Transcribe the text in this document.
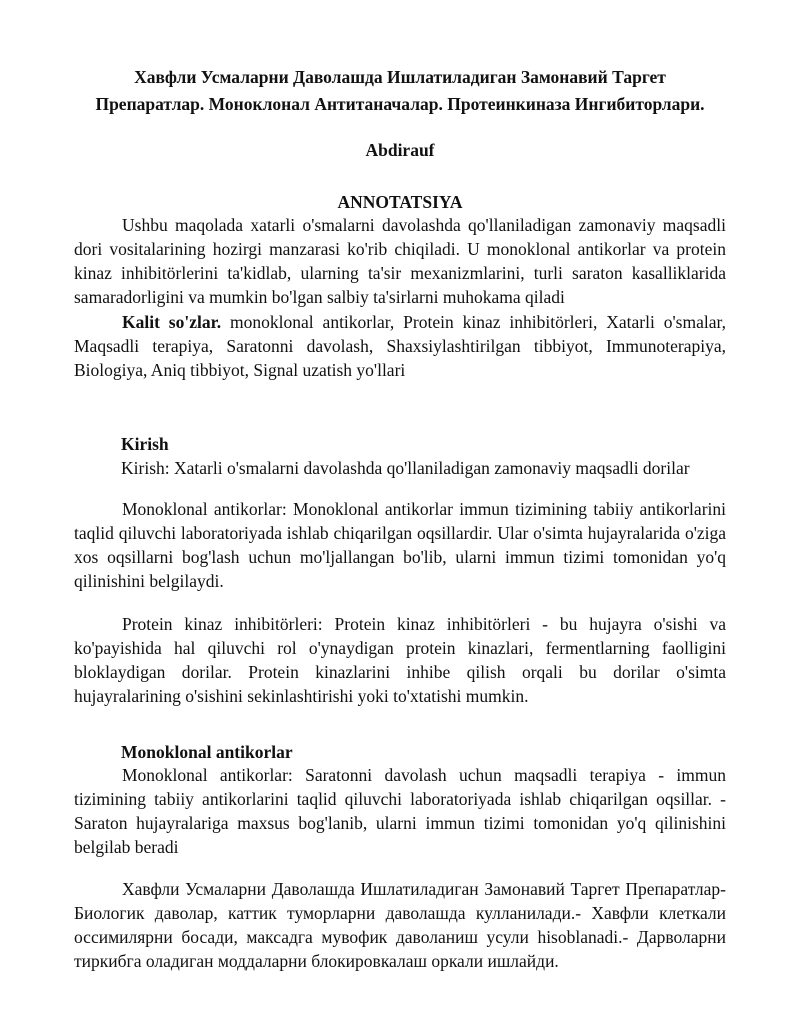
Хавфли Усмаларни Даволашда Ишлатиладиган Замонавий Таргет
Препаратлар. Моноклонал Антитаначалар. Протеинкиназа Ингибиторлари.
Abdirauf
ANNOTATSIYA
Ushbu maqolada xatarli o'smalarni davolashda qo'llaniladigan zamonaviy maqsadli dori vositalarining hozirgi manzarasi ko'rib chiqiladi. U monoklonal antikorlar va protein kinaz inhibitörlerini ta'kidlab, ularning ta'sir mexanizmlarini, turli saraton kasalliklarida samaradorligini va mumkin bo'lgan salbiy ta'sirlarni muhokama qiladi
Kalit so'zlar. monoklonal antikorlar, Protein kinaz inhibitörleri, Xatarli o'smalar, Maqsadli terapiya, Saratonni davolash, Shaxsiylashtirilgan tibbiyot, Immunoterapiya, Biologiya, Aniq tibbiyot, Signal uzatish yo'llari
Kirish
Kirish: Xatarli o'smalarni davolashda qo'llaniladigan zamonaviy maqsadli dorilar
Monoklonal antikorlar: Monoklonal antikorlar immun tizimining tabiiy antikorlarini taqlid qiluvchi laboratoriyada ishlab chiqarilgan oqsillardir. Ular o'simta hujayralarida o'ziga xos oqsillarni bog'lash uchun mo'ljallangan bo'lib, ularni immun tizimi tomonidan yo'q qilinishini belgilaydi.
Protein kinaz inhibitörleri: Protein kinaz inhibitörleri - bu hujayra o'sishi va ko'payishida hal qiluvchi rol o'ynaydigan protein kinazlari, fermentlarning faolligini bloklaydigan dorilar. Protein kinazlarini inhibe qilish orqali bu dorilar o'simta hujayralarining o'sishini sekinlashtirishi yoki to'xtatishi mumkin.
Monoklonal antikorlar
Monoklonal antikorlar: Saratonni davolash uchun maqsadli terapiya - immun tizimining tabiiy antikorlarini taqlid qiluvchi laboratoriyada ishlab chiqarilgan oqsillar. - Saraton hujayralariga maxsus bog'lanib, ularni immun tizimi tomonidan yo'q qilinishini belgilab beradi
Хавфли Усмаларни Даволашда Ишлатиладиган Замонавий Таргет Препаратлар- Биологик даволар, каттик туморларни даволашда кулланилади.- Хавфли клеткали оссимилярни босади, максадга мувофик даволаниш усули hisoblanadi.- Дарволарни тиркибга оладиган моддаларни блокировкалаш оркали ишлайди.
